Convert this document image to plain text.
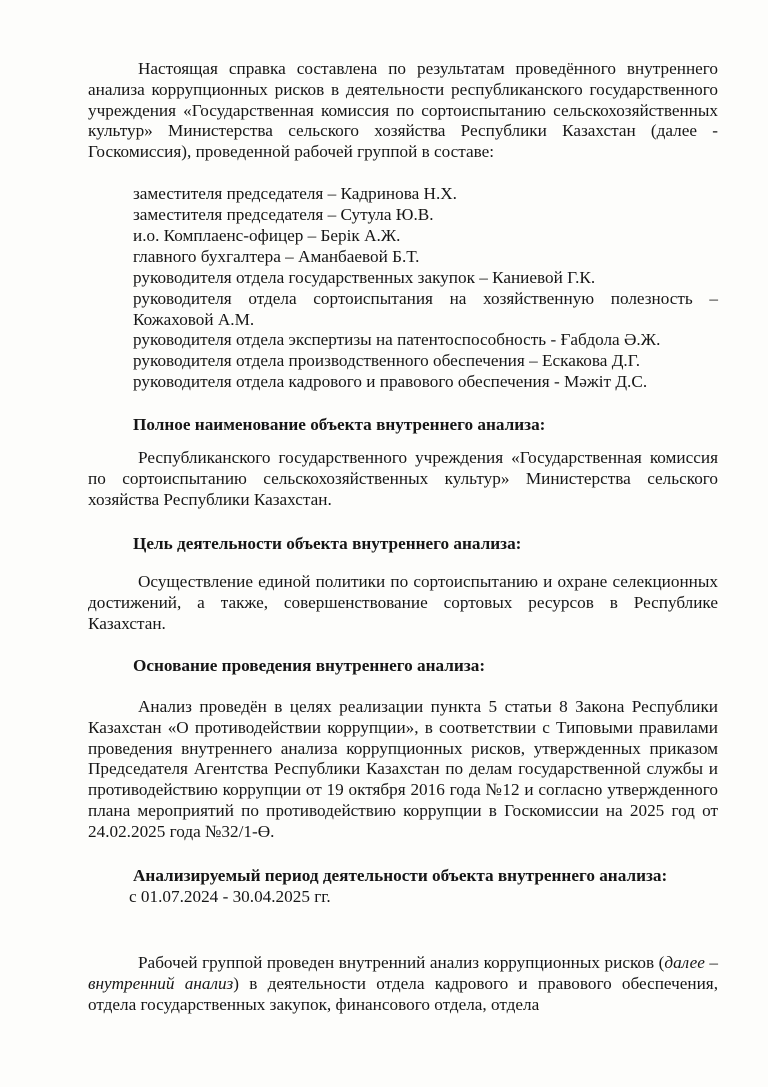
Настоящая справка составлена по результатам проведённого внутреннего анализа коррупционных рисков в деятельности республиканского государственного учреждения «Государственная комиссия по сортоиспытанию сельскохозяйственных культур» Министерства сельского хозяйства Республики Казахстан (далее - Госкомиссия), проведенной рабочей группой в составе:

заместителя председателя – Кадринова Н.Х.

заместителя председателя – Сутула Ю.В.

и.о. Комплаенс-офицер – Берік А.Ж.

главного бухгалтера – Аманбаевой Б.Т.

руководителя отдела государственных закупок – Каниевой Г.К.

руководителя отдела сортоиспытания на хозяйственную полезность – Кожаховой А.М.

руководителя отдела экспертизы на патентоспособность - Ғабдола Ә.Ж.

руководителя отдела производственного обеспечения – Ескакова Д.Г.

руководителя отдела кадрового и правового обеспечения - Мәжіт Д.С.

Полное наименование объекта внутреннего анализа:

Республиканского государственного учреждения «Государственная комиссия по сортоиспытанию сельскохозяйственных культур» Министерства сельского хозяйства Республики Казахстан.

Цель деятельности объекта внутреннего анализа:

Осуществление единой политики по сортоиспытанию и охране селекционных достижений, а также, совершенствование сортовых ресурсов в Республике Казахстан.

Основание проведения внутреннего анализа:

Анализ проведён в целях реализации пункта 5 статьи 8 Закона Республики Казахстан «О противодействии коррупции», в соответствии с Типовыми правилами проведения внутреннего анализа коррупционных рисков, утвержденных приказом Председателя Агентства Республики Казахстан по делам государственной службы и противодействию коррупции от 19 октября 2016 года №12 и согласно утвержденного плана мероприятий по противодействию коррупции в Госкомиссии на 2025 год от 24.02.2025 года №32/1-Ө.

Анализируемый период деятельности объекта внутреннего анализа:

с 01.07.2024 - 30.04.2025 гг.

Рабочей группой проведен внутренний анализ коррупционных рисков (далее – внутренний анализ) в деятельности отдела кадрового и правового обеспечения, отдела государственных закупок, финансового отдела, отдела
